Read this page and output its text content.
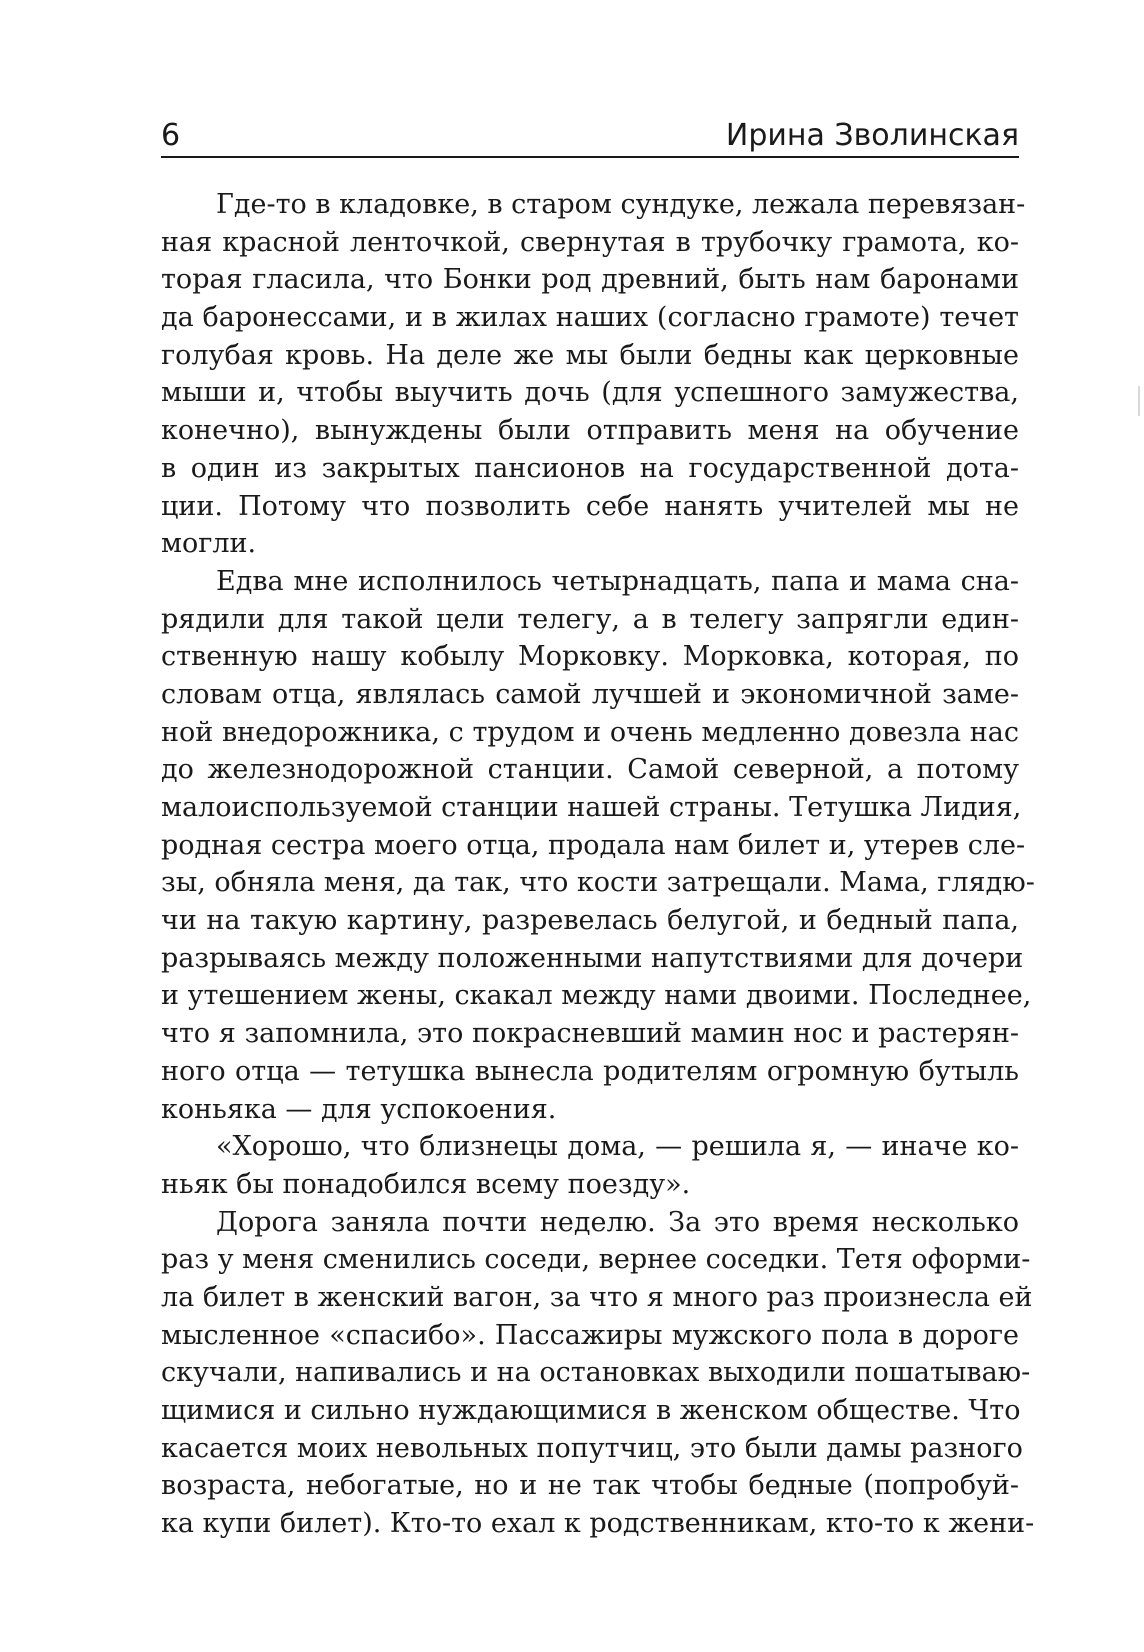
6	Ирина Зволинская
Где-то в кладовке, в старом сундуке, лежала перевязан-
ная красной ленточкой, свернутая в трубочку грамота, ко-
торая гласила, что Бонки род древний, быть нам баронами
да баронессами, и в жилах наших (согласно грамоте) течет
голубая кровь. На деле же мы были бедны как церковные
мыши и, чтобы выучить дочь (для успешного замужества,
конечно), вынуждены были отправить меня на обучение
в один из закрытых пансионов на государственной дота-
ции. Потому что позволить себе нанять учителей мы не
могли.
Едва мне исполнилось четырнадцать, папа и мама сна-
рядили для такой цели телегу, а в телегу запрягли един-
ственную нашу кобылу Морковку. Морковка, которая, по
словам отца, являлась самой лучшей и экономичной заме-
ной внедорожника, с трудом и очень медленно довезла нас
до железнодорожной станции. Самой северной, а потому
малоиспользуемой станции нашей страны. Тетушка Лидия,
родная сестра моего отца, продала нам билет и, утерев сле-
зы, обняла меня, да так, что кости затрещали. Мама, глядю-
чи на такую картину, разревелась белугой, и бедный папа,
разрываясь между положенными напутствиями для дочери
и утешением жены, скакал между нами двоими. Последнее,
что я запомнила, это покрасневший мамин нос и растерян-
ного отца — тетушка вынесла родителям огромную бутыль
коньяка — для успокоения.
«Хорошо, что близнецы дома, — решила я, — иначе ко-
ньяк бы понадобился всему поезду».
Дорога заняла почти неделю. За это время несколько
раз у меня сменились соседи, вернее соседки. Тетя оформи-
ла билет в женский вагон, за что я много раз произнесла ей
мысленное «спасибо». Пассажиры мужского пола в дороге
скучали, напивались и на остановках выходили пошатываю-
щимися и сильно нуждающимися в женском обществе. Что
касается моих невольных попутчиц, это были дамы разного
возраста, небогатые, но и не так чтобы бедные (попробуй-
ка купи билет). Кто-то ехал к родственникам, кто-то к жени-
